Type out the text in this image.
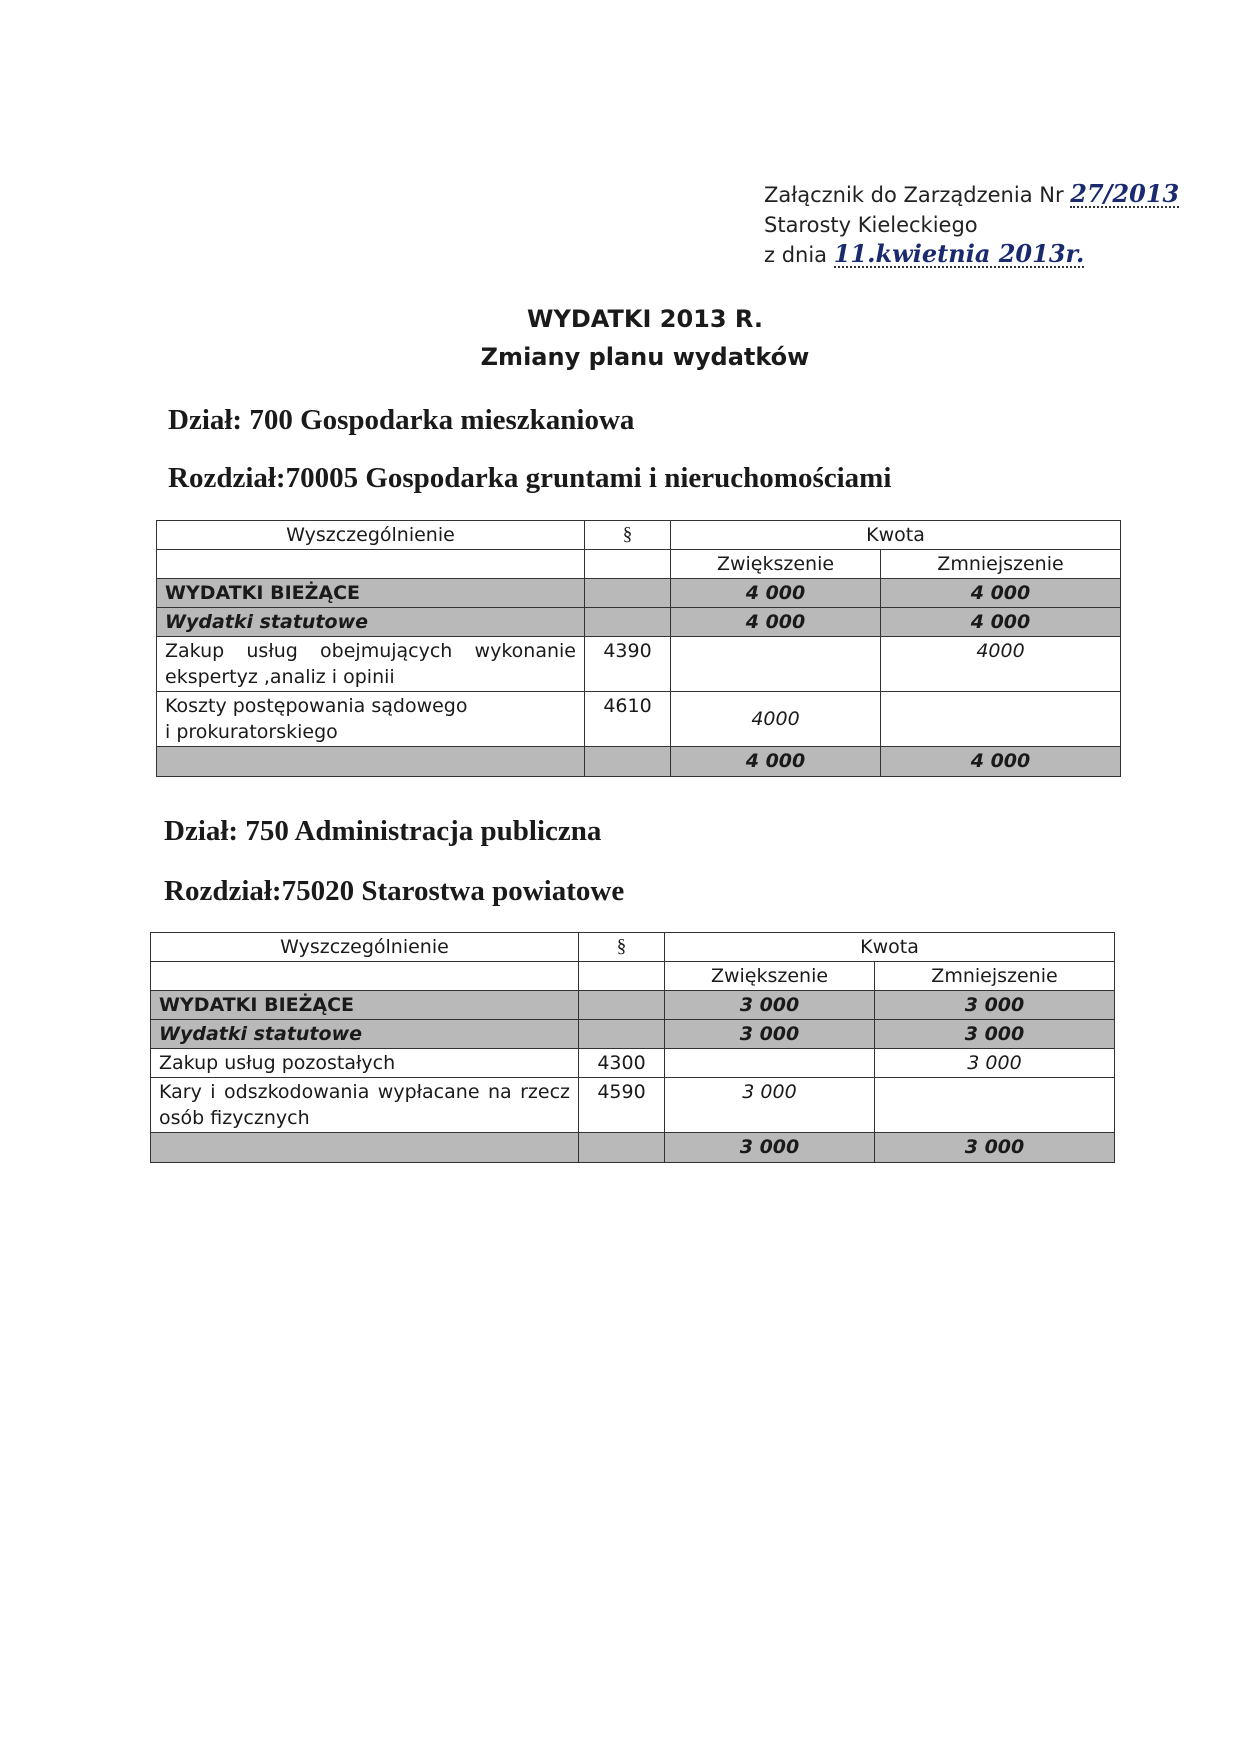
Załącznik do Zarządzenia Nr 27/2013
Starosty Kieleckiego
z dnia 11.kwietnia 2013r.
WYDATKI 2013 R.
Zmiany planu wydatków
Dział: 700 Gospodarka mieszkaniowa
Rozdział:70005 Gospodarka gruntami i nieruchomościami
Wyszczególnienie	§	Kwota	
		Zwiększenie	Zmniejszenie
WYDATKI BIEŻĄCE		4 000	4 000
Wydatki statutowe		4 000	4 000
Zakup usług obejmujących wykonanie ekspertyz ,analiz i opinii	4390		4000
Koszty postępowania sądowego
i prokuratorskiego	4610	4000	
		4 000	4 000
Dział: 750 Administracja publiczna
Rozdział:75020 Starostwa powiatowe
Wyszczególnienie	§	Kwota	
		Zwiększenie	Zmniejszenie
WYDATKI BIEŻĄCE		3 000	3 000
Wydatki statutowe		3 000	3 000
Zakup usług pozostałych	4300		3 000
Kary i odszkodowania wypłacane na rzecz osób fizycznych	4590	3 000	
		3 000	3 000
